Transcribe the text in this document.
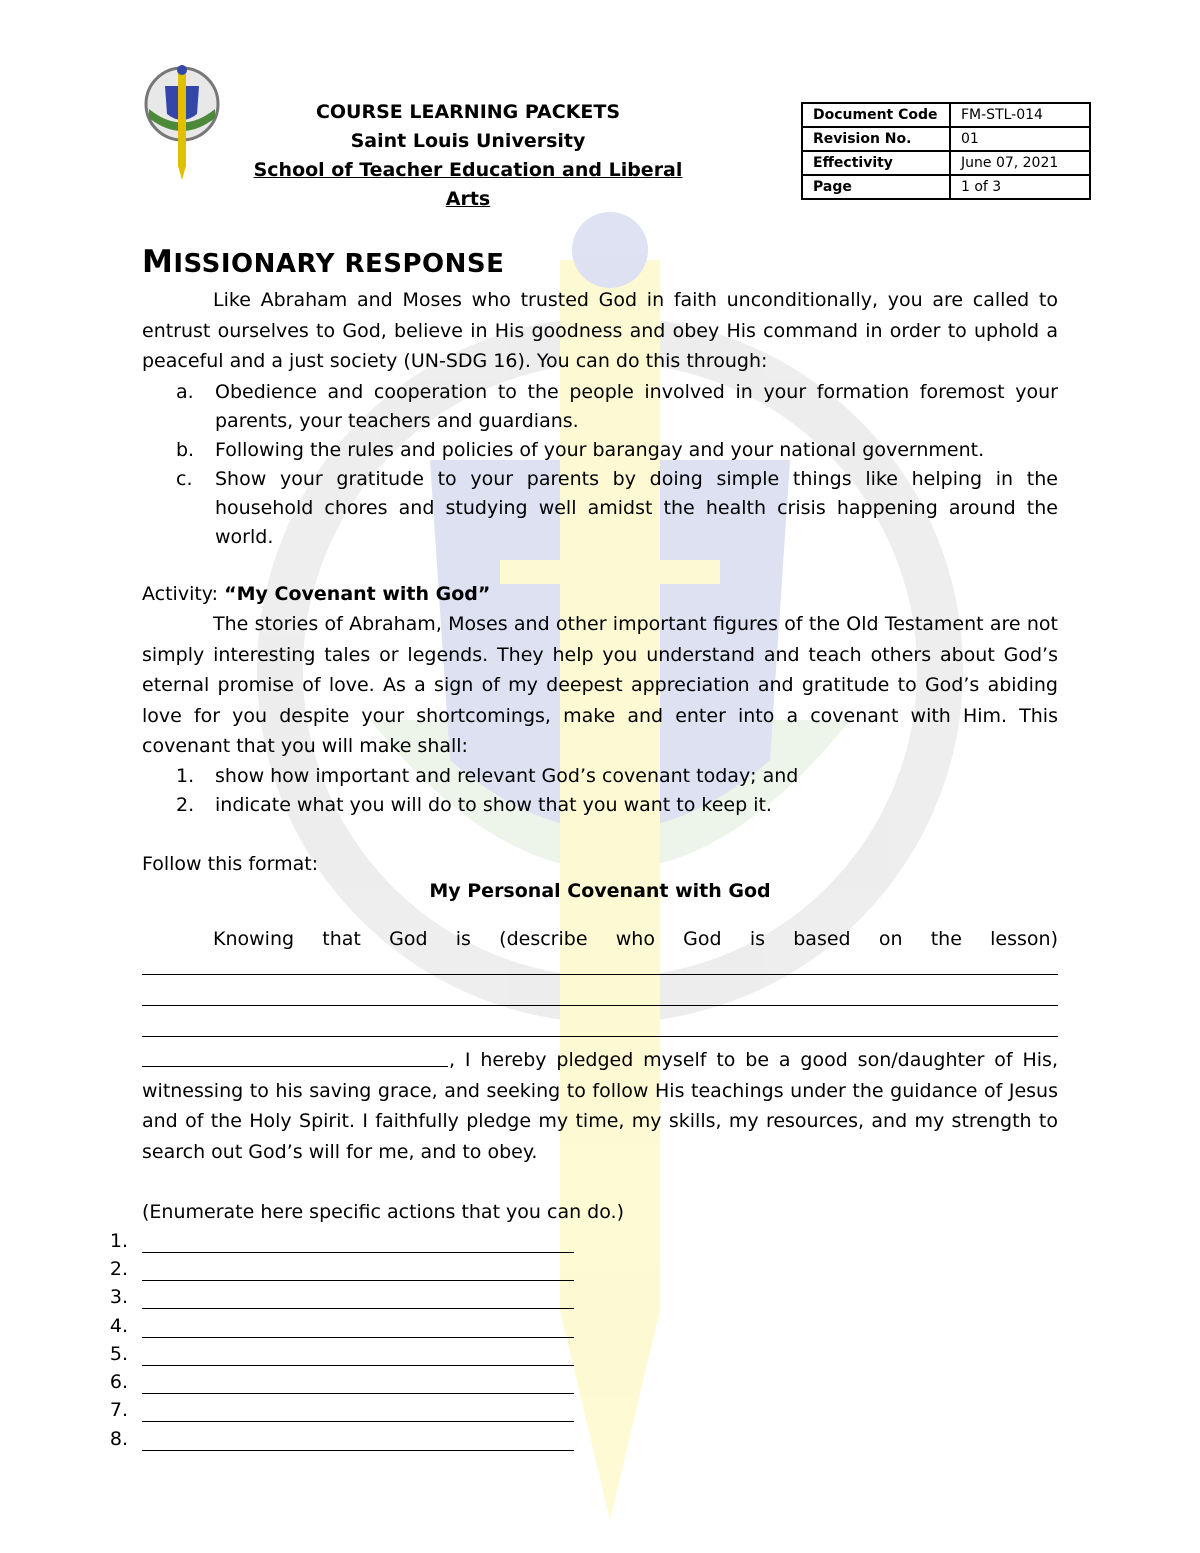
COURSE LEARNING PACKETS
Saint Louis University
School of Teacher Education and Liberal Arts
Document Code	FM-STL-014
Revision No.	01
Effectivity	June 07, 2021
Page	1 of 3
MISSIONARY RESPONSE

Like Abraham and Moses who trusted God in faith unconditionally, you are called to entrust ourselves to God, believe in His goodness and obey His command in order to uphold a peaceful and a just society (UN-SDG 16). You can do this through:

a. Obedience and cooperation to the people involved in your formation foremost your parents, your teachers and guardians.
b. Following the rules and policies of your barangay and your national government.
c. Show your gratitude to your parents by doing simple things like helping in the household chores and studying well amidst the health crisis happening around the world.
Activity: “My Covenant with God”

The stories of Abraham, Moses and other important figures of the Old Testament are not simply interesting tales or legends. They help you understand and teach others about God’s eternal promise of love. As a sign of my deepest appreciation and gratitude to God’s abiding love for you despite your shortcomings, make and enter into a covenant with Him. This covenant that you will make shall:

1. show how important and relevant God’s covenant today; and
2. indicate what you will do to show that you want to keep it.
Follow this format:
My Personal Covenant with God

Knowing that God is (describe who God is based on the lesson)

, I hereby pledged myself to be a good son/daughter of His, witnessing to his saving grace, and seeking to follow His teachings under the guidance of Jesus and of the Holy Spirit. I faithfully pledge my time, my skills, my resources, and my strength to search out God’s will for me, and to obey.

(Enumerate here specific actions that you can do.)
1.
2.
3.
4.
5.
6.
7.
8.
